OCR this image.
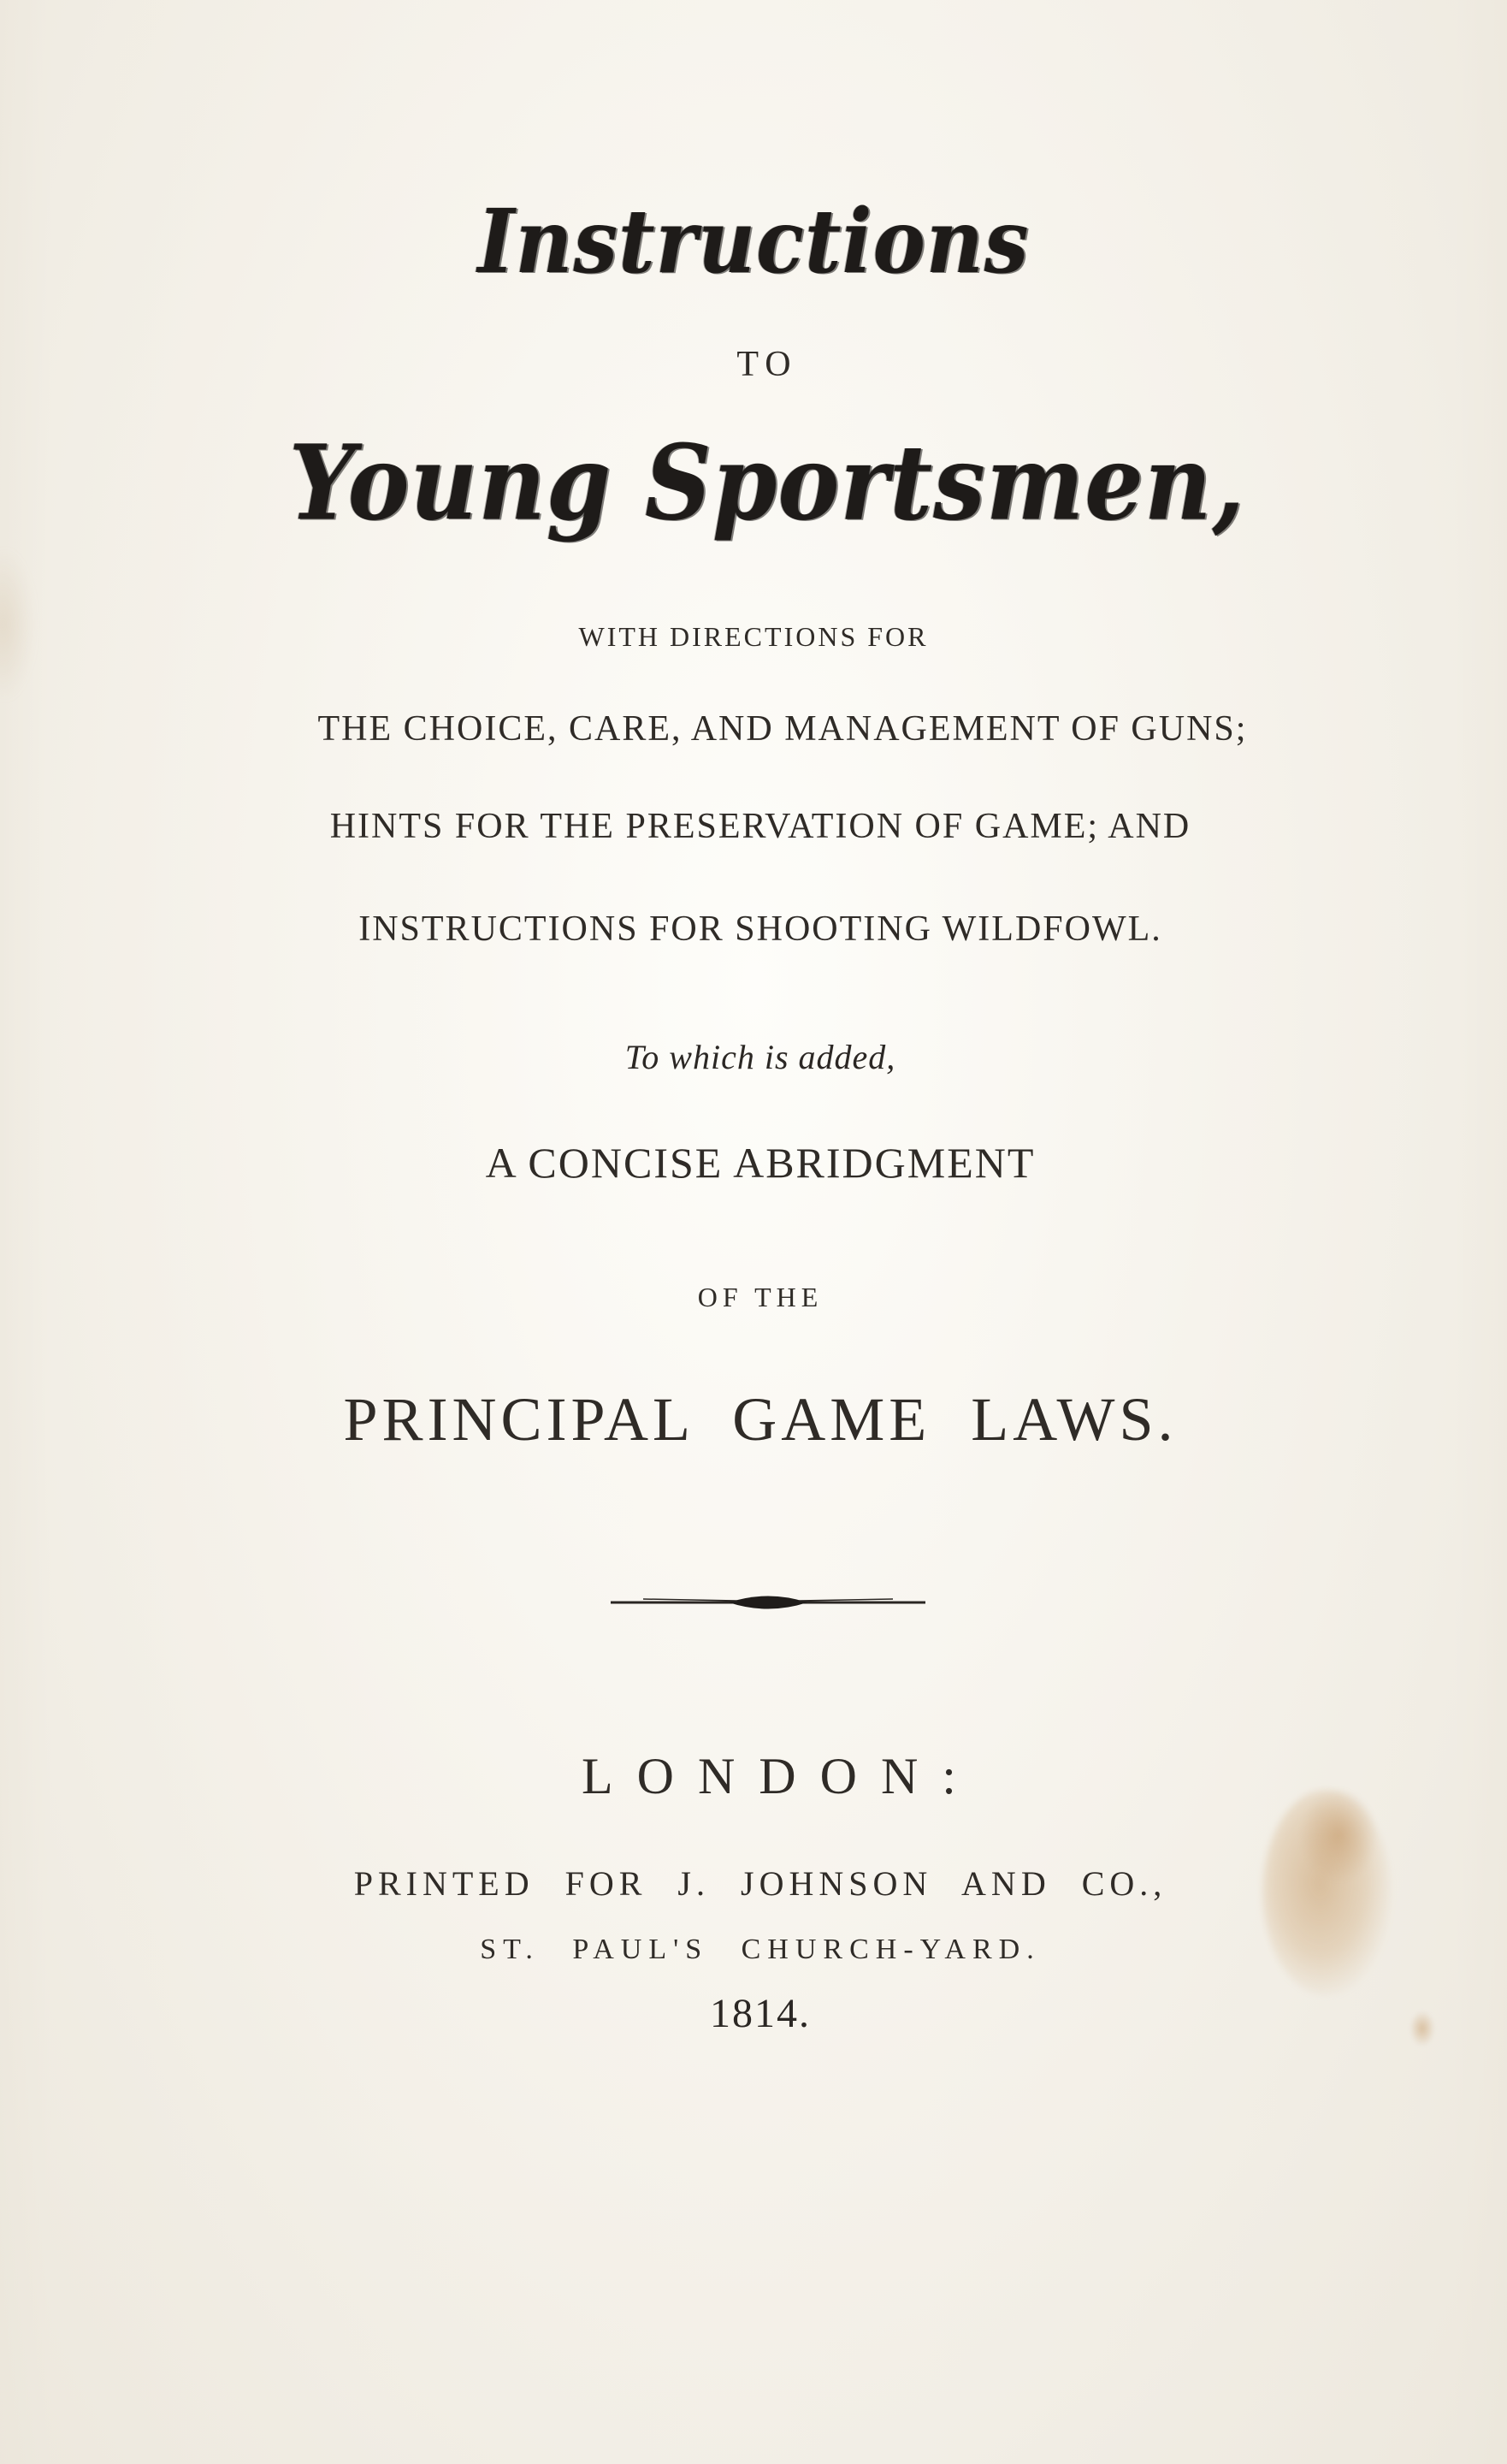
Instructions
TO
Young Sportsmen,
WITH DIRECTIONS FOR
THE CHOICE, CARE, AND MANAGEMENT OF GUNS;
HINTS FOR THE PRESERVATION OF GAME; AND
INSTRUCTIONS FOR SHOOTING WILDFOWL.
To which is added,
A CONCISE ABRIDGMENT
OF THE
PRINCIPAL GAME LAWS.
LONDON:
PRINTED FOR J. JOHNSON AND CO.,
ST. PAUL'S CHURCH-YARD.
1814.
